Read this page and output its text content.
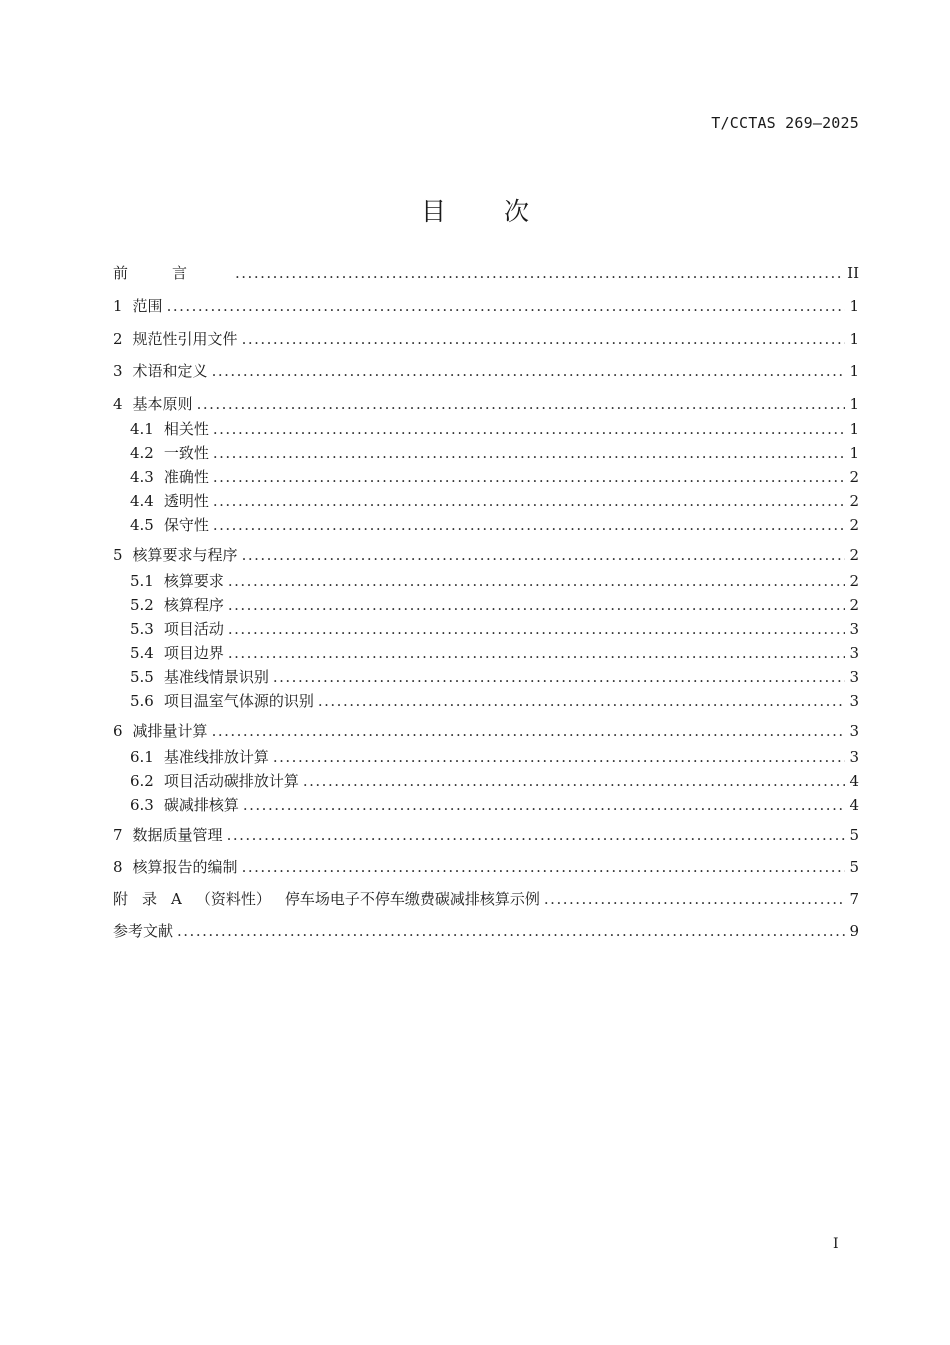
T/CCTAS 269—2025
目次
前言 .....	II
1 范围 .....	1
2 规范性引用文件 .....	1
3 术语和定义 .....	1
4 基本原则 .....	1
4.1 相关性 .....	1
4.2 一致性 .....	1
4.3 准确性 .....	2
4.4 透明性 .....	2
4.5 保守性 .....	2
5 核算要求与程序 .....	2
5.1 核算要求 .....	2
5.2 核算程序 .....	2
5.3 项目活动 .....	3
5.4 项目边界 .....	3
5.5 基准线情景识别 .....	3
5.6 项目温室气体源的识别 .....	3
6 减排量计算 .....	3
6.1 基准线排放计算 .....	3
6.2 项目活动碳排放计算 .....	4
6.3 碳减排核算 .....	4
7 数据质量管理 .....	5
8 核算报告的编制 .....	5
附 录 A （资料性） 停车场电子不停车缴费碳减排核算示例 .....	7
参考文献 .....	9
I
